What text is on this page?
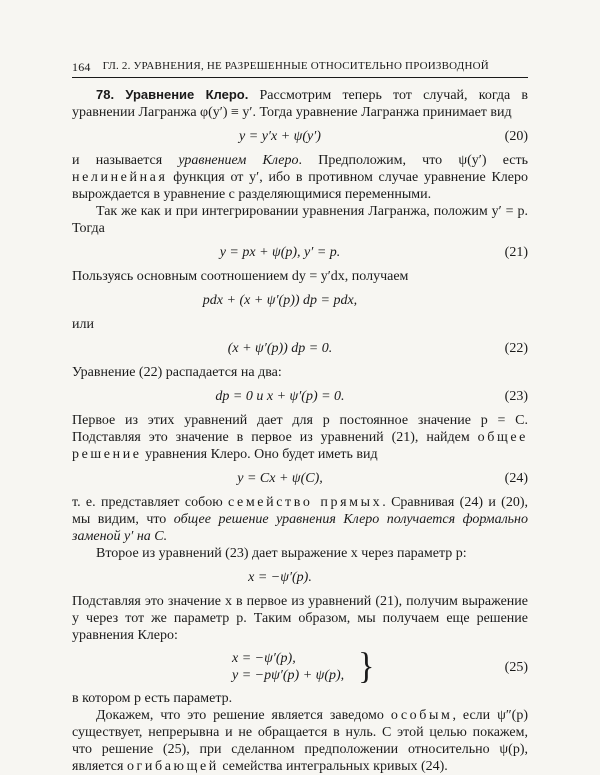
164 ГЛ. 2. УРАВНЕНИЯ, НЕ РАЗРЕШЕННЫЕ ОТНОСИТЕЛЬНО ПРОИЗВОДНОЙ

78. Уравнение Клеро. Рассмотрим теперь тот случай, когда в уравнении Лагранжа φ(y′) ≡ y′. Тогда уравнение Лагранжа принимает вид

y = y′x + ψ(y′)	(20)

и называется уравнением Клеро. Предположим, что ψ(y′) есть нелинейная функция от y′, ибо в противном случае уравнение Клеро вырождается в уравнение с разделяющимися переменными.

Так же как и при интегрировании уравнения Лагранжа, положим y′ = p. Тогда

y = px + ψ(p), y′ = p.	(21)

Пользуясь основным соотношением dy = y′dx, получаем

pdx + (x + ψ′(p)) dp = pdx,

или

(x + ψ′(p)) dp = 0.	(22)

Уравнение (22) распадается на два:

dp = 0 и x + ψ′(p) = 0.	(23)

Первое из этих уравнений дает для p постоянное значение p = C. Подставляя это значение в первое из уравнений (21), найдем общее решение уравнения Клеро. Оно будет иметь вид

y = Cx + ψ(C),	(24)

т. е. представляет собою семейство прямых. Сравнивая (24) и (20), мы видим, что общее решение уравнения Клеро получается формально заменой y′ на C.

Второе из уравнений (23) дает выражение x через параметр p:

x = −ψ′(p).

Подставляя это значение x в первое из уравнений (21), получим выражение y через тот же параметр p. Таким образом, мы получаем еще решение уравнения Клеро:

x = −ψ′(p),
y = −pψ′(p) + ψ(p), }	(25)

в котором p есть параметр.

Докажем, что это решение является заведомо особым, если ψ″(p) существует, непрерывна и не обращается в нуль. С этой целью покажем, что решение (25), при сделанном предположении относительно ψ(p), является огибающей семейства интегральных кривых (24).
